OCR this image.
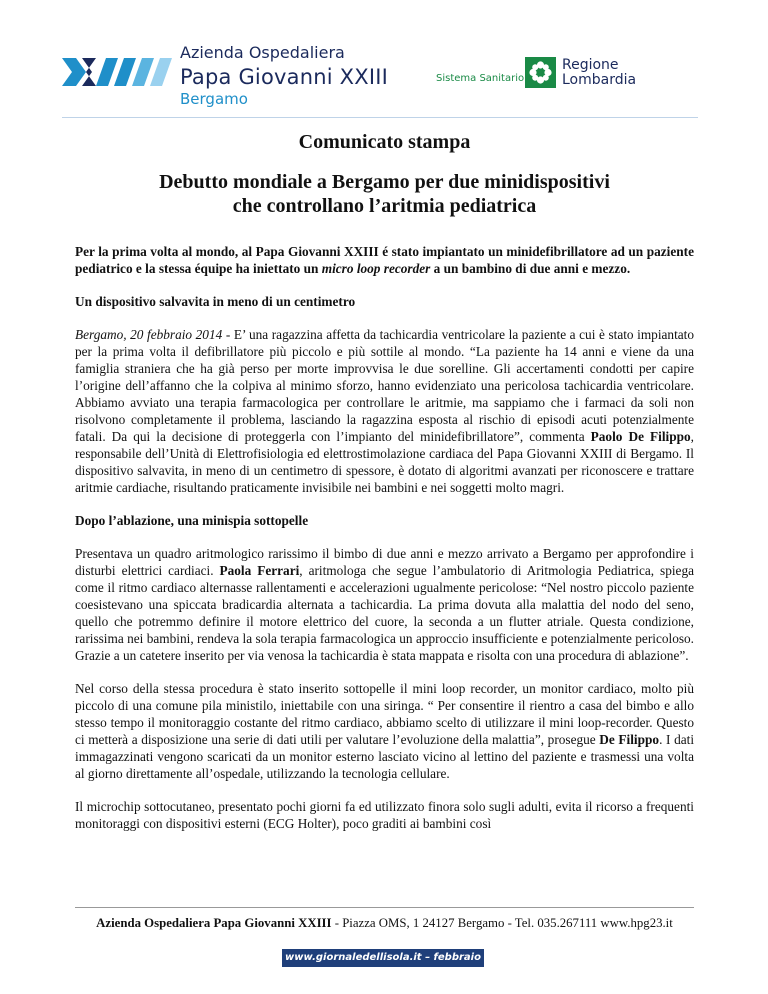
Azienda Ospedaliera
Papa Giovanni XXIII
Bergamo
Sistema Sanitario
Regione
Lombardia
Comunicato stampa
Debutto mondiale a Bergamo per due minidispositivi
che controllano l’aritmia pediatrica

Per la prima volta al mondo, al Papa Giovanni XXIII é stato impiantato un minidefibrillatore ad un paziente pediatrico e la stessa équipe ha iniettato un micro loop recorder a un bambino di due anni e mezzo.

Un dispositivo salvavita in meno di un centimetro

Bergamo, 20 febbraio 2014 - E’ una ragazzina affetta da tachicardia ventricolare la paziente a cui è stato impiantato per la prima volta il defibrillatore più piccolo e più sottile al mondo. “La paziente ha 14 anni e viene da una famiglia straniera che ha già perso per morte improvvisa le due sorelline. Gli accertamenti condotti per capire l’origine dell’affanno che la colpiva al minimo sforzo, hanno evidenziato una pericolosa tachicardia ventricolare. Abbiamo avviato una terapia farmacologica per controllare le aritmie, ma sappiamo che i farmaci da soli non risolvono completamente il problema, lasciando la ragazzina esposta al rischio di episodi acuti potenzialmente fatali. Da qui la decisione di proteggerla con l’impianto del minidefibrillatore”, commenta Paolo De Filippo, responsabile dell’Unità di Elettrofisiologia ed elettrostimolazione cardiaca del Papa Giovanni XXIII di Bergamo. Il dispositivo salvavita, in meno di un centimetro di spessore, è dotato di algoritmi avanzati per riconoscere e trattare aritmie cardiache, risultando praticamente invisibile nei bambini e nei soggetti molto magri.

Dopo l’ablazione, una minispia sottopelle

Presentava un quadro aritmologico rarissimo il bimbo di due anni e mezzo arrivato a Bergamo per approfondire i disturbi elettrici cardiaci. Paola Ferrari, aritmologa che segue l’ambulatorio di Aritmologia Pediatrica, spiega come il ritmo cardiaco alternasse rallentamenti e accelerazioni ugualmente pericolose: “Nel nostro piccolo paziente coesistevano una spiccata bradicardia alternata a tachicardia. La prima dovuta alla malattia del nodo del seno, quello che potremmo definire il motore elettrico del cuore, la seconda a un flutter atriale. Questa condizione, rarissima nei bambini, rendeva la sola terapia farmacologica un approccio insufficiente e potenzialmente pericoloso. Grazie a un catetere inserito per via venosa la tachicardia è stata mappata e risolta con una procedura di ablazione”.

Nel corso della stessa procedura è stato inserito sottopelle il mini loop recorder, un monitor cardiaco, molto più piccolo di una comune pila ministilo, iniettabile con una siringa. “ Per consentire il rientro a casa del bimbo e allo stesso tempo il monitoraggio costante del ritmo cardiaco, abbiamo scelto di utilizzare il mini loop-recorder. Questo ci metterà a disposizione una serie di dati utili per valutare l’evoluzione della malattia”, prosegue De Filippo. I dati immagazzinati vengono scaricati da un monitor esterno lasciato vicino al lettino del paziente e trasmessi una volta al giorno direttamente all’ospedale, utilizzando la tecnologia cellulare.

Il microchip sottocutaneo, presentato pochi giorni fa ed utilizzato finora solo sugli adulti, evita il ricorso a frequenti monitoraggi con dispositivi esterni (ECG Holter), poco graditi ai bambini così

Azienda Ospedaliera Papa Giovanni XXIII - Piazza OMS, 1 24127 Bergamo - Tel. 035.267111 www.hpg23.it
www.giornaledellisola.it – febbraio 2014
